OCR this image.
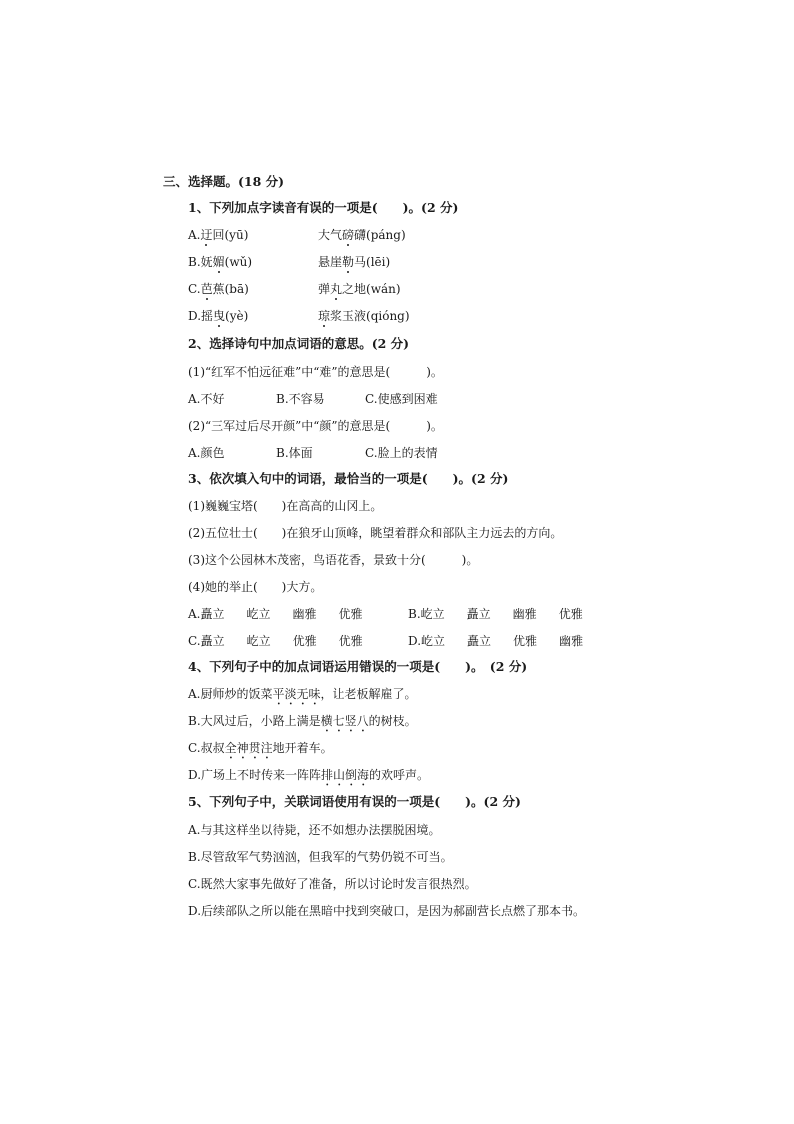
三、选择题。(18 分)
1、下列加点字读音有误的一项是(　　)。(2 分)
A.迂回(yū)	大气磅礴(páng)
B.妩媚(wǔ)	悬崖勒马(lēi)
C.芭蕉(bā)	弹丸之地(wán)
D.摇曳(yè)	琼浆玉液(qióng)
2、选择诗句中加点词语的意思。(2 分)
(1)“红军不怕远征难”中“难”的意思是(　　　)。
A.不好	B.不容易	C.使感到困难
(2)“三军过后尽开颜”中“颜”的意思是(　　　)。
A.颜色	B.体面	C.脸上的表情
3、依次填入句中的词语，最恰当的一项是(　　)。(2 分)
(1)巍巍宝塔(　　)在高高的山冈上。
(2)五位壮士(　　)在狼牙山顶峰，眺望着群众和部队主力远去的方向。
(3)这个公园林木茂密，鸟语花香，景致十分(　　　)。
(4)她的举止(　　)大方。
A.矗立 屹立 幽雅 优雅	B.屹立 矗立 幽雅 优雅
C.矗立 屹立 优雅 优雅	D.屹立 矗立 优雅 幽雅
4、下列句子中的加点词语运用错误的一项是(　　)。　(2 分)
A.厨师炒的饭菜平淡无味，让老板解雇了。
B.大风过后，小路上满是横七竖八的树枝。
C.叔叔全神贯注地开着车。
D.广场上不时传来一阵阵排山倒海的欢呼声。
5、下列句子中，关联词语使用有误的一项是(　　)。(2 分)
A.与其这样坐以待毙，还不如想办法摆脱困境。
B.尽管敌军气势汹汹，但我军的气势仍锐不可当。
C.既然大家事先做好了准备，所以讨论时发言很热烈。
D.后续部队之所以能在黑暗中找到突破口，是因为郝副营长点燃了那本书。
